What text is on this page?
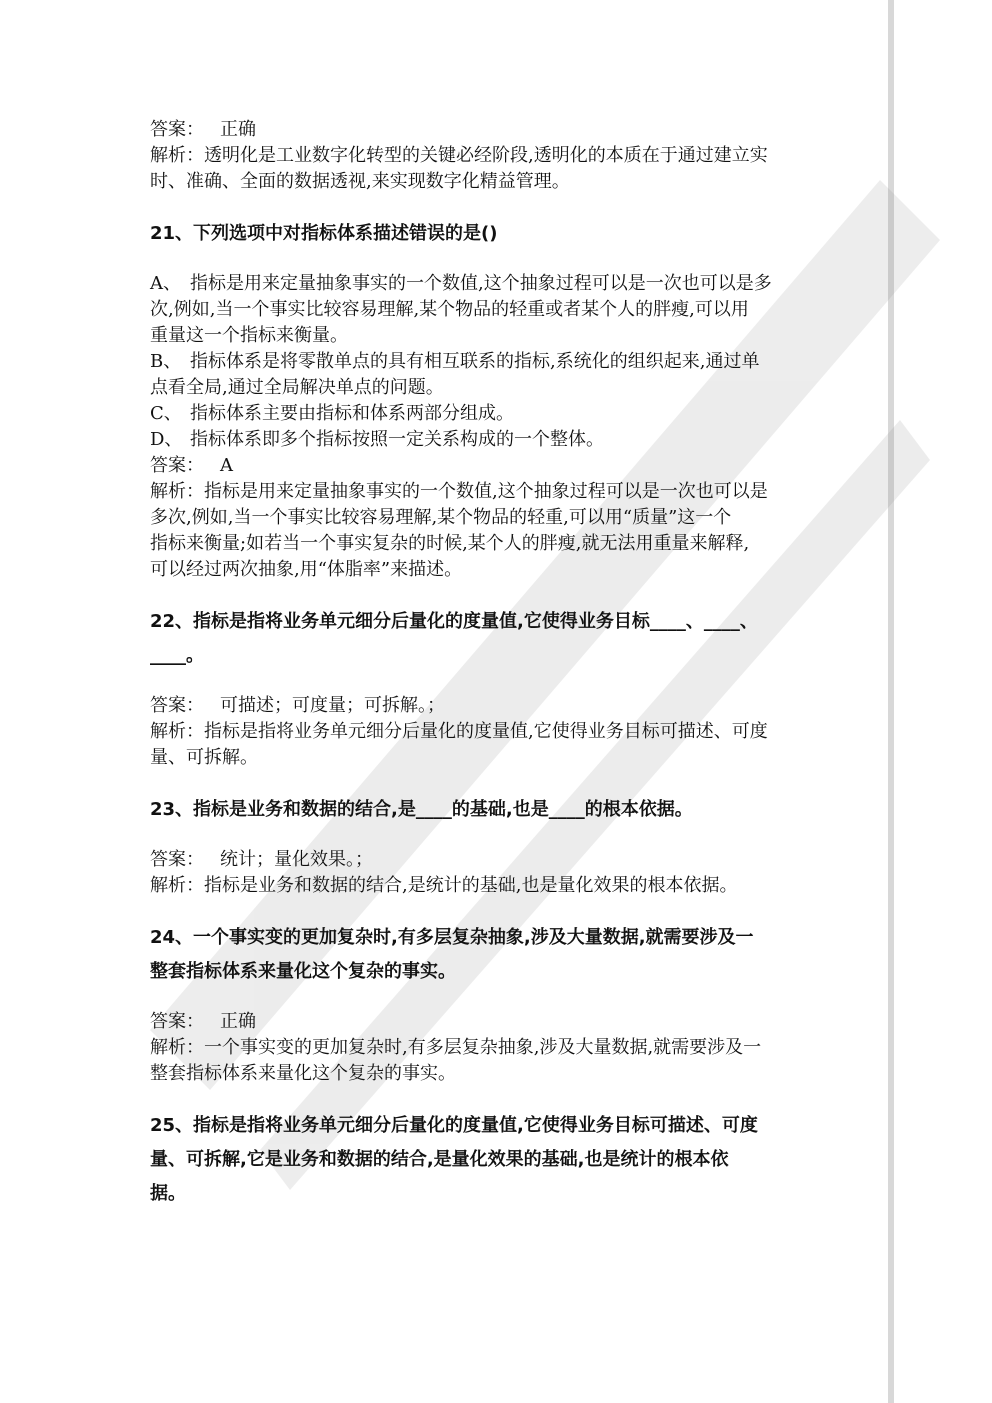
答案： 正确
解析：透明化是工业数字化转型的关键必经阶段,透明化的本质在于通过建立实
时、准确、全面的数据透视,来实现数字化精益管理。
21、下列选项中对指标体系描述错误的是()
A、 指标是用来定量抽象事实的一个数值,这个抽象过程可以是一次也可以是多
次,例如,当一个事实比较容易理解,某个物品的轻重或者某个人的胖瘦,可以用
重量这一个指标来衡量。
B、 指标体系是将零散单点的具有相互联系的指标,系统化的组织起来,通过单
点看全局,通过全局解决单点的问题。
C、 指标体系主要由指标和体系两部分组成。
D、 指标体系即多个指标按照一定关系构成的一个整体。
答案： A
解析：指标是用来定量抽象事实的一个数值,这个抽象过程可以是一次也可以是
多次,例如,当一个事实比较容易理解,某个物品的轻重,可以用“质量”这一个
指标来衡量;如若当一个事实复杂的时候,某个人的胖瘦,就无法用重量来解释,
可以经过两次抽象,用“体脂率”来描述。
22、指标是指将业务单元细分后量化的度量值,它使得业务目标____、____、
____。
答案： 可描述；可度量；可拆解。；
解析：指标是指将业务单元细分后量化的度量值,它使得业务目标可描述、可度
量、可拆解。
23、指标是业务和数据的结合,是____的基础,也是____的根本依据。
答案： 统计；量化效果。；
解析：指标是业务和数据的结合,是统计的基础,也是量化效果的根本依据。
24、一个事实变的更加复杂时,有多层复杂抽象,涉及大量数据,就需要涉及一
整套指标体系来量化这个复杂的事实。
答案： 正确
解析：一个事实变的更加复杂时,有多层复杂抽象,涉及大量数据,就需要涉及一
整套指标体系来量化这个复杂的事实。
25、指标是指将业务单元细分后量化的度量值,它使得业务目标可描述、可度
量、可拆解,它是业务和数据的结合,是量化效果的基础,也是统计的根本依
据。
